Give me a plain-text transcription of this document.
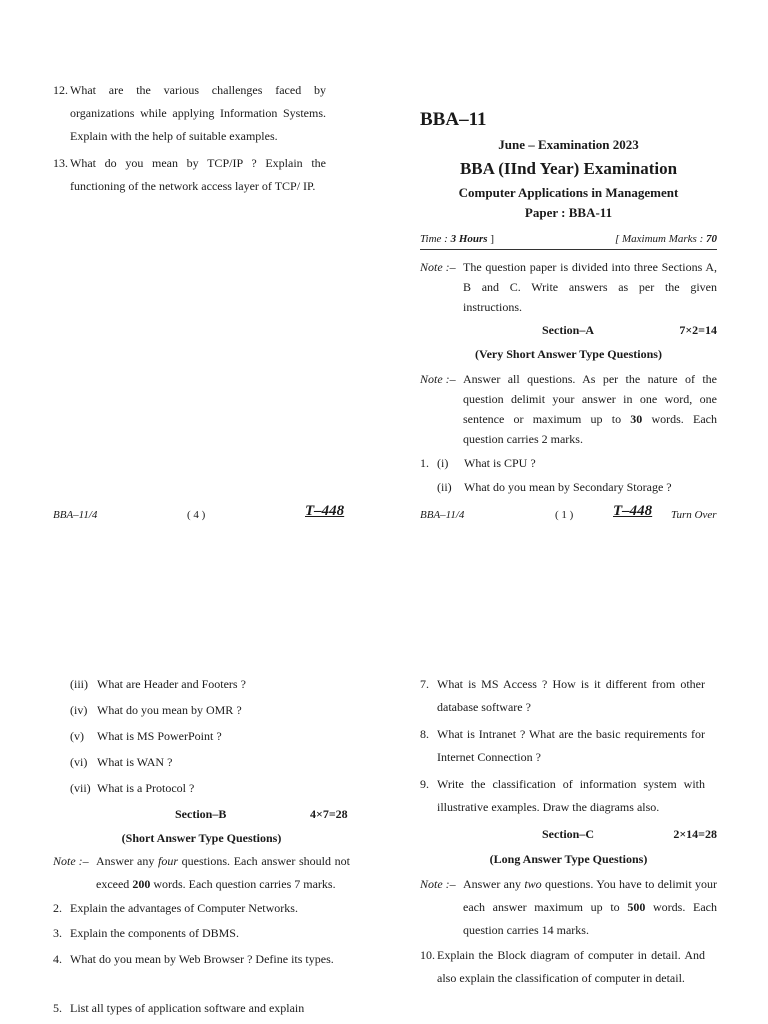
12. What are the various challenges faced by organizations while applying Information Systems. Explain with the help of suitable examples.
13. What do you mean by TCP/IP ? Explain the functioning of the network access layer of TCP/ IP.
BBA–11/4	( 4 )	T–448
BBA–11
June – Examination 2023
BBA (IInd Year) Examination
Computer Applications in Management
Paper : BBA-11
Time : 3 Hours ]	[ Maximum Marks : 70
Note :– The question paper is divided into three Sections A, B and C. Write answers as per the given instructions.
Section–A	7×2=14
(Very Short Answer Type Questions)
Note :– Answer all questions. As per the nature of the question delimit your answer in one word, one sentence or maximum up to 30 words. Each question carries 2 marks.
1. (i) What is CPU ?
(ii) What do you mean by Secondary Storage ?
BBA–11/4	( 1 )	T–448 Turn Over
(iii) What are Header and Footers ?
(iv) What do you mean by OMR ?
(v) What is MS PowerPoint ?
(vi) What is WAN ?
(vii) What is a Protocol ?
Section–B	4×7=28
(Short Answer Type Questions)
Note :– Answer any four questions. Each answer should not exceed 200 words. Each question carries 7 marks.
2. Explain the advantages of Computer Networks.
3. Explain the components of DBMS.
4. What do you mean by Web Browser ? Define its types.
5. List all types of application software and explain
7. What is MS Access ? How is it different from other database software ?
8. What is Intranet ? What are the basic requirements for Internet Connection ?
9. Write the classification of information system with illustrative examples. Draw the diagrams also.
Section–C	2×14=28
(Long Answer Type Questions)
Note :– Answer any two questions. You have to delimit your each answer maximum up to 500 words. Each question carries 14 marks.
10. Explain the Block diagram of computer in detail. And also explain the classification of computer in detail.
